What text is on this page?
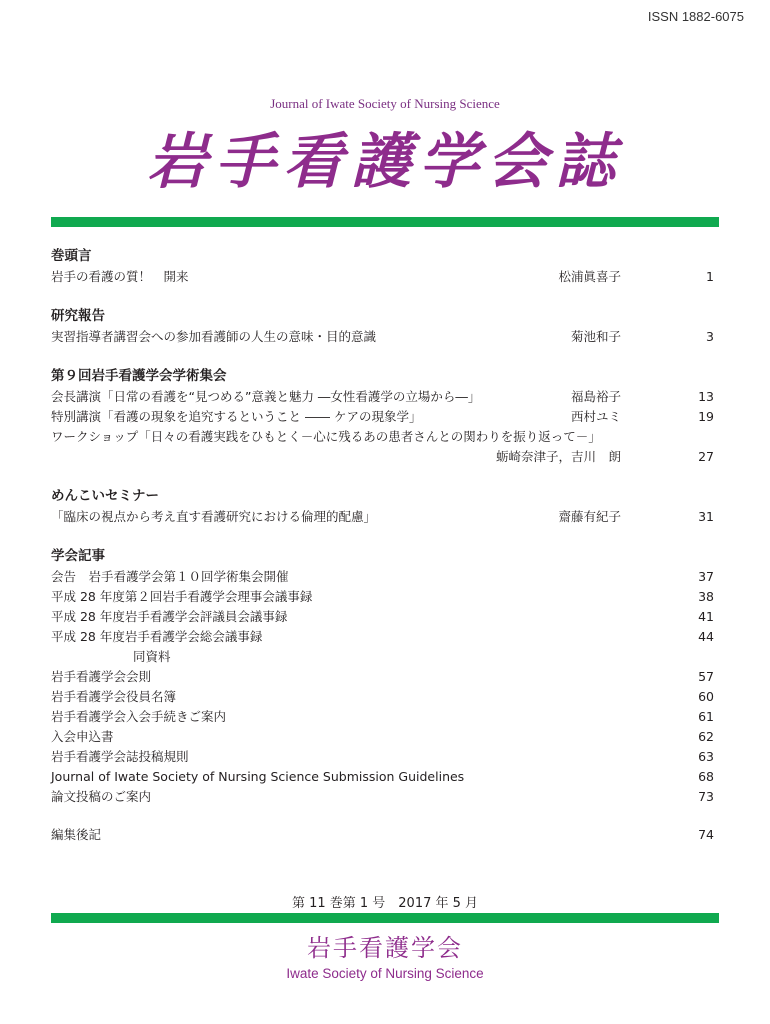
ISSN 1882-6075
Journal of Iwate Society of Nursing Science
岩手看護学会誌
巻頭言
岩手の看護の質！　開来	松浦眞喜子	1
研究報告
実習指導者講習会への参加看護師の人生の意味・目的意識	菊池和子	3
第９回岩手看護学会学術集会
会長講演「日常の看護を“見つめる”意義と魅力 ―女性看護学の立場から―」	福島裕子	13
特別講演「看護の現象を追究するということ ―― ケアの現象学」	西村ユミ	19
ワークショップ「日々の看護実践をひもとく－心に残るあの患者さんとの関わりを振り返って－」
蛎崎奈津子，吉川　朗	27
めんこいセミナー
「臨床の視点から考え直す看護研究における倫理的配慮」	齋藤有紀子	31
学会記事
会告　岩手看護学会第１０回学術集会開催	37
平成 28 年度第２回岩手看護学会理事会議事録	38
平成 28 年度岩手看護学会評議員会議事録	41
平成 28 年度岩手看護学会総会議事録	44
同資料
岩手看護学会会則	57
岩手看護学会役員名簿	60
岩手看護学会入会手続きご案内	61
入会申込書	62
岩手看護学会誌投稿規則	63
Journal of Iwate Society of Nursing Science Submission Guidelines	68
論文投稿のご案内	73
編集後記	74
第 11 巻第 1 号　2017 年 5 月
岩手看護学会
Iwate Society of Nursing Science
